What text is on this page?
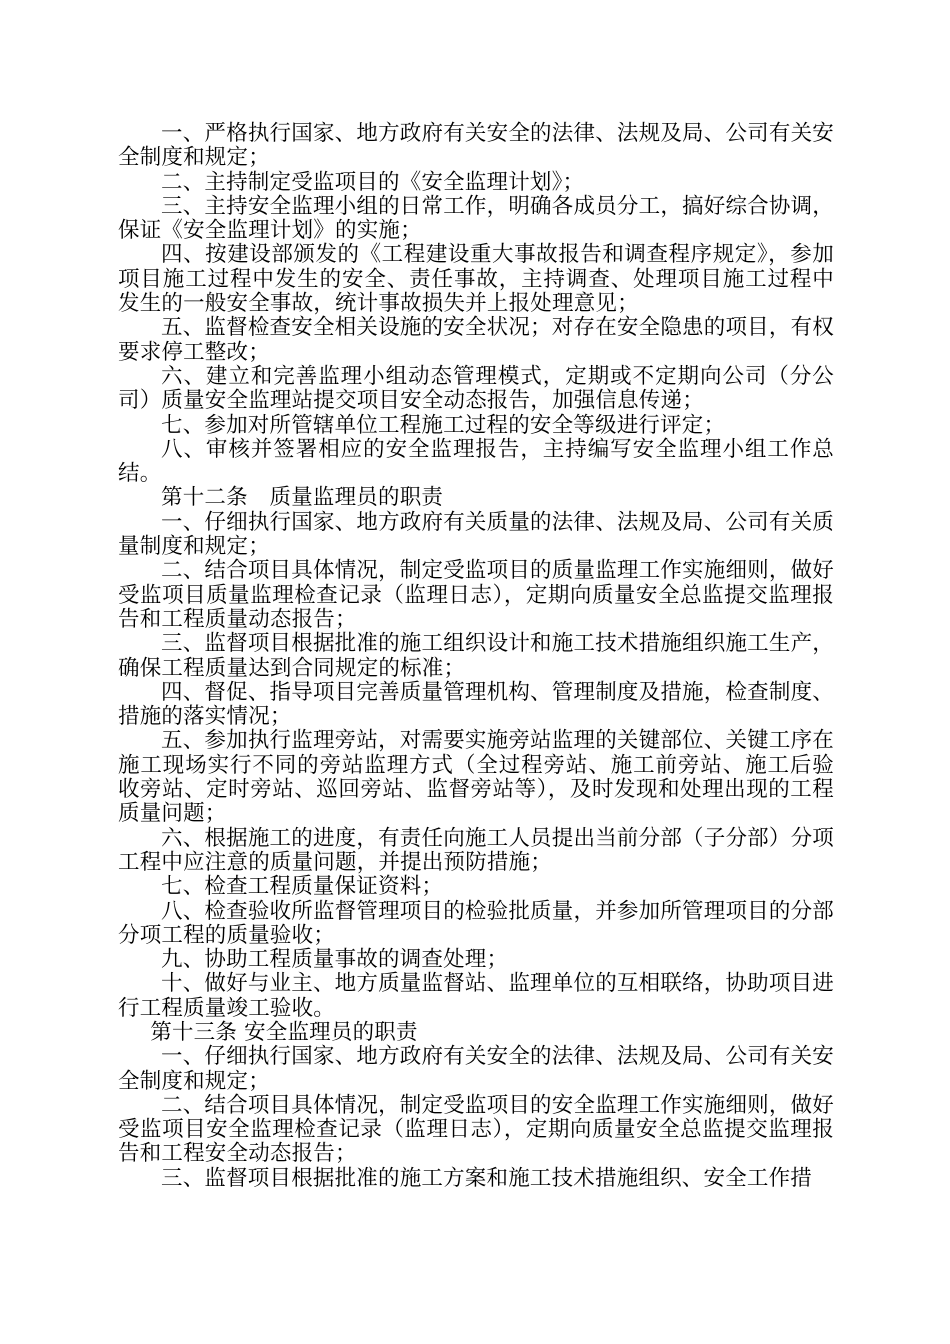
一、严格执行国家、地方政府有关安全的法律、法规及局、公司有关安全制度和规定；

二、主持制定受监项目的《安全监理计划》；

三、主持安全监理小组的日常工作，明确各成员分工，搞好综合协调，保证《安全监理计划》的实施；

四、按建设部颁发的《工程建设重大事故报告和调查程序规定》，参加项目施工过程中发生的安全、责任事故，主持调查、处理项目施工过程中发生的一般安全事故，统计事故损失并上报处理意见；

五、监督检查安全相关设施的安全状况；对存在安全隐患的项目，有权要求停工整改；

六、建立和完善监理小组动态管理模式，定期或不定期向公司（分公司）质量安全监理站提交项目安全动态报告，加强信息传递；

七、参加对所管辖单位工程施工过程的安全等级进行评定；

八、审核并签署相应的安全监理报告，主持编写安全监理小组工作总结。

第十二条　质量监理员的职责

一、仔细执行国家、地方政府有关质量的法律、法规及局、公司有关质量制度和规定；

二、结合项目具体情况，制定受监项目的质量监理工作实施细则，做好受监项目质量监理检查记录（监理日志），定期向质量安全总监提交监理报告和工程质量动态报告；

三、监督项目根据批准的施工组织设计和施工技术措施组织施工生产，确保工程质量达到合同规定的标准；

四、督促、指导项目完善质量管理机构、管理制度及措施，检查制度、措施的落实情况；

五、参加执行监理旁站，对需要实施旁站监理的关键部位、关键工序在施工现场实行不同的旁站监理方式（全过程旁站、施工前旁站、施工后验收旁站、定时旁站、巡回旁站、监督旁站等），及时发现和处理出现的工程质量问题；

六、根据施工的进度，有责任向施工人员提出当前分部（子分部）分项工程中应注意的质量问题，并提出预防措施；

七、检查工程质量保证资料；

八、检查验收所监督管理项目的检验批质量，并参加所管理项目的分部分项工程的质量验收；

九、协助工程质量事故的调查处理；

十、做好与业主、地方质量监督站、监理单位的互相联络，协助项目进行工程质量竣工验收。

第十三条 安全监理员的职责

一、仔细执行国家、地方政府有关安全的法律、法规及局、公司有关安全制度和规定；

二、结合项目具体情况，制定受监项目的安全监理工作实施细则，做好受监项目安全监理检查记录（监理日志），定期向质量安全总监提交监理报告和工程安全动态报告；

三、监督项目根据批准的施工方案和施工技术措施组织、安全工作措
